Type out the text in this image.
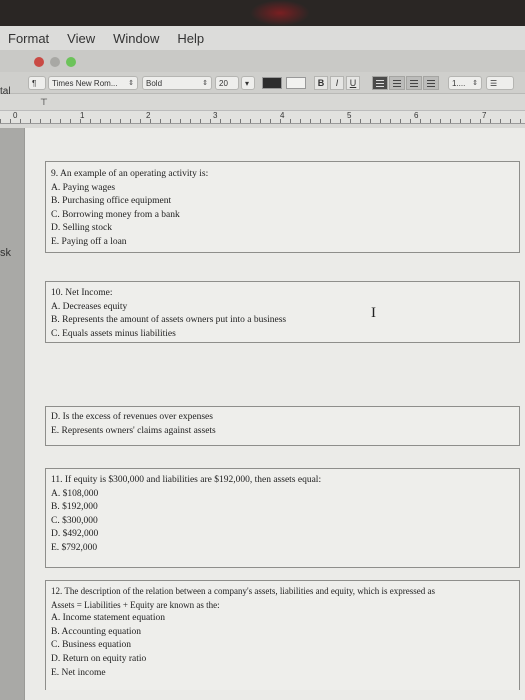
Format View Window Help
¶ Times New Rom...	⇕ Bold	⇕ 20 ▾	B	I	U	1.... ⇕ ☰
⊤
tal
0	1	2	3	4	5	6	7
sk
9. An example of an operating activity is:
A. Paying wages
B. Purchasing office equipment
C. Borrowing money from a bank
D. Selling stock
E. Paying off a loan
10. Net Income:
A. Decreases equity
B. Represents the amount of assets owners put into a business
C. Equals assets minus liabilities
D. Is the excess of revenues over expenses
E. Represents owners' claims against assets
11. If equity is $300,000 and liabilities are $192,000, then assets equal:
A. $108,000
B. $192,000
C. $300,000
D. $492,000
E. $792,000
12. The description of the relation between a company's assets, liabilities and equity, which is expressed as
Assets = Liabilities + Equity are known as the:
A. Income statement equation
B. Accounting equation
C. Business equation
D. Return on equity ratio
E. Net income
I
